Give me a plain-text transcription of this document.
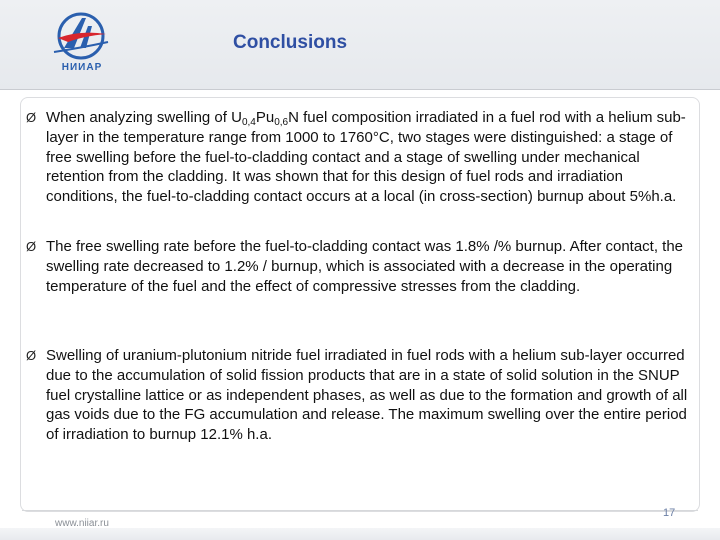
НИИАР
Conclusions
Ø When analyzing swelling of $U_{0,4}Pu_{0,6}N$ fuel composition irradiated in a fuel rod with a helium sub-layer in the temperature range from 1000 to 1760°C, two stages were distinguished: a stage of free swelling before the fuel-to-cladding contact and a stage of swelling under mechanical retention from the cladding. It was shown that for this design of fuel rods and irradiation conditions, the fuel-to-cladding contact occurs at a local (in cross-section) burnup about 5%h.a.
Ø The free swelling rate before the fuel-to-cladding contact was 1.8% /% burnup. After contact, the swelling rate decreased to 1.2% / burnup, which is associated with a decrease in the operating temperature of the fuel and the effect of compressive stresses from the cladding.
Ø Swelling of uranium-plutonium nitride fuel irradiated in fuel rods with a helium sub-layer occurred due to the accumulation of solid fission products that are in a state of solid solution in the SNUP fuel crystalline lattice or as independent phases, as well as due to the formation and growth of all gas voids due to the FG accumulation and release. The maximum swelling over the entire period of irradiation to burnup 12.1% h.a.
17
www.niiar.ru
